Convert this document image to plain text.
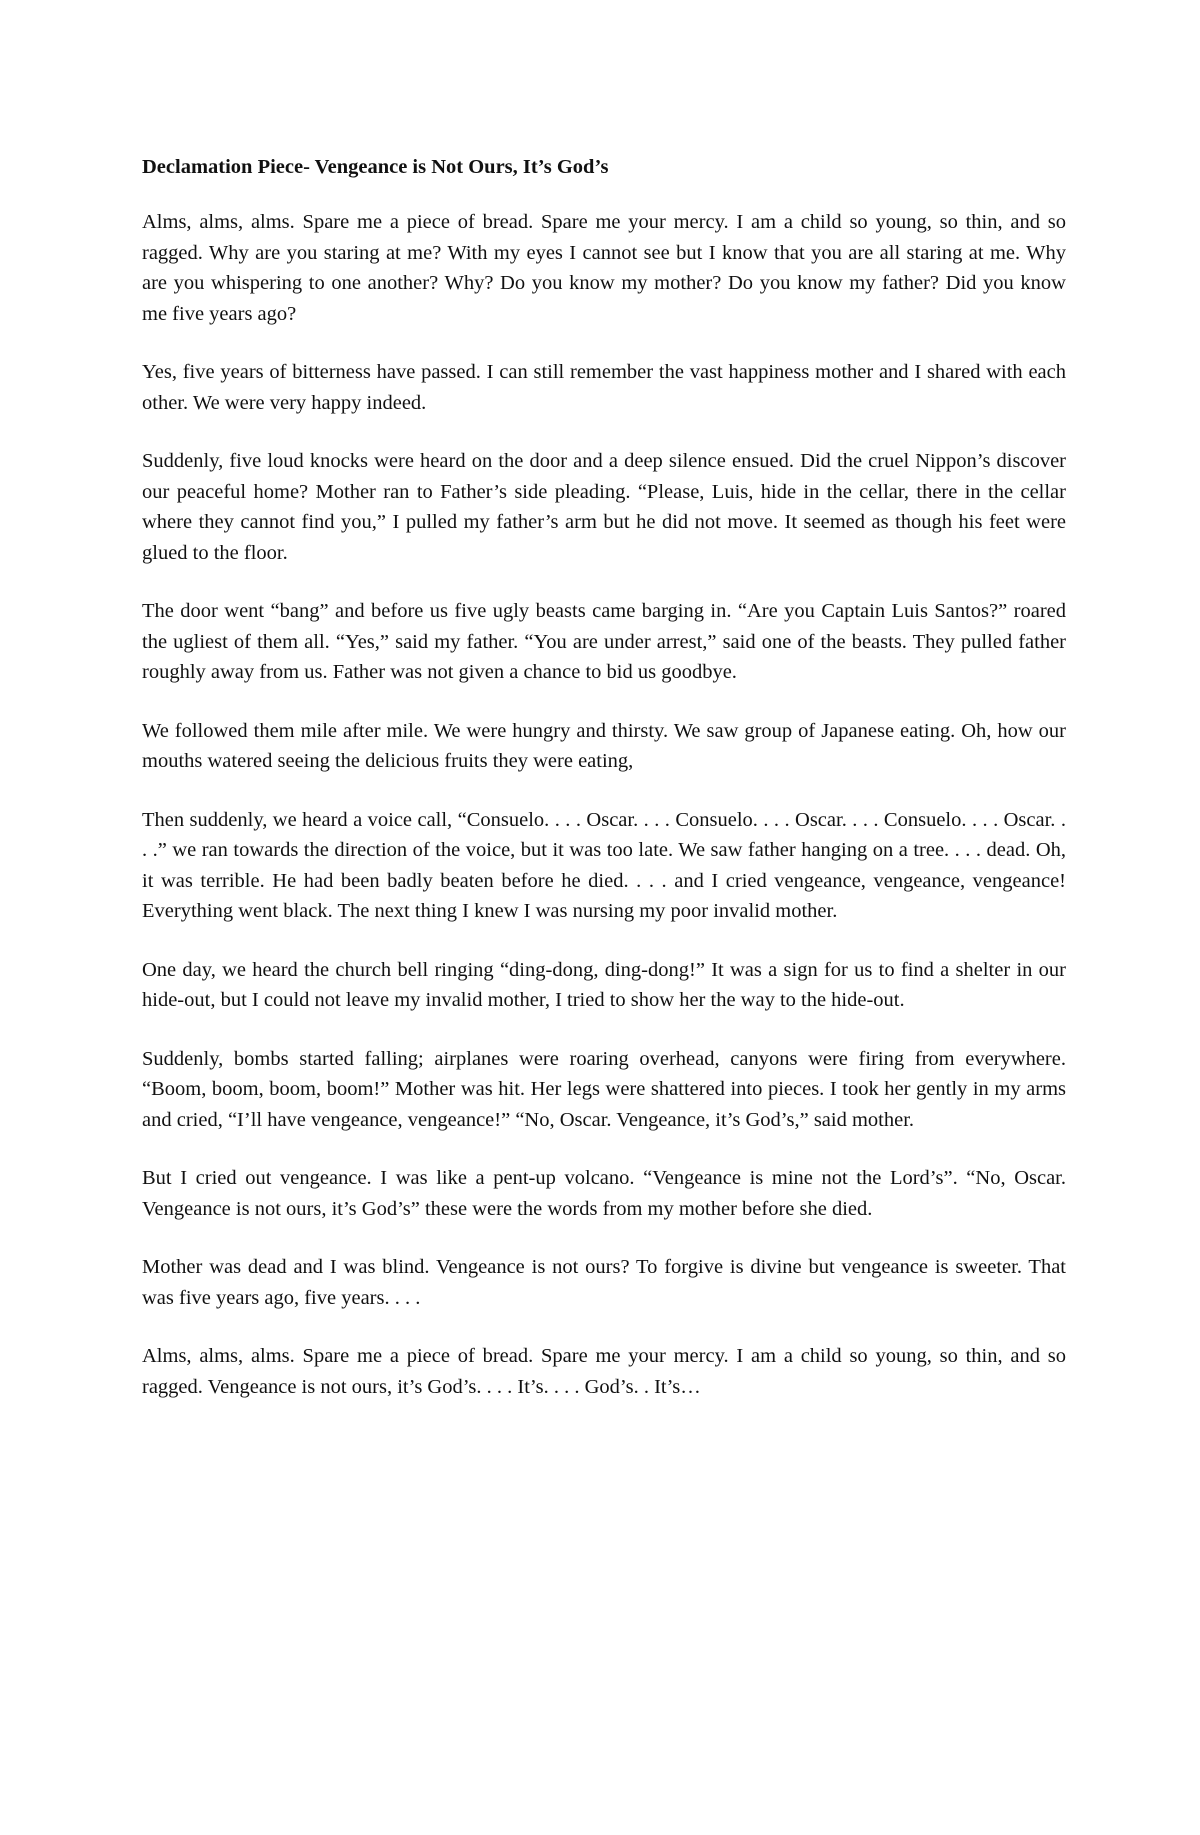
Declamation Piece- Vengeance is Not Ours, It’s God’s

Alms, alms, alms. Spare me a piece of bread. Spare me your mercy. I am a child so young, so thin, and so ragged. Why are you staring at me? With my eyes I cannot see but I know that you are all staring at me. Why are you whispering to one another? Why? Do you know my mother? Do you know my father? Did you know me five years ago?

Yes, five years of bitterness have passed. I can still remember the vast happiness mother and I shared with each other. We were very happy indeed.

Suddenly, five loud knocks were heard on the door and a deep silence ensued. Did the cruel Nippon’s discover our peaceful home? Mother ran to Father’s side pleading. “Please, Luis, hide in the cellar, there in the cellar where they cannot find you,” I pulled my father’s arm but he did not move. It seemed as though his feet were glued to the floor.

The door went “bang” and before us five ugly beasts came barging in. “Are you Captain Luis Santos?” roared the ugliest of them all. “Yes,” said my father. “You are under arrest,” said one of the beasts. They pulled father roughly away from us. Father was not given a chance to bid us goodbye.

We followed them mile after mile. We were hungry and thirsty. We saw group of Japanese eating. Oh, how our mouths watered seeing the delicious fruits they were eating,

Then suddenly, we heard a voice call, “Consuelo. . . . Oscar. . . . Consuelo. . . . Oscar. . . . Consuelo. . . . Oscar. . . .” we ran towards the direction of the voice, but it was too late. We saw father hanging on a tree. . . . dead. Oh, it was terrible. He had been badly beaten before he died. . . . and I cried vengeance, vengeance, vengeance! Everything went black. The next thing I knew I was nursing my poor invalid mother.

One day, we heard the church bell ringing “ding-dong, ding-dong!” It was a sign for us to find a shelter in our hide-out, but I could not leave my invalid mother, I tried to show her the way to the hide-out.

Suddenly, bombs started falling; airplanes were roaring overhead, canyons were firing from everywhere. “Boom, boom, boom, boom!” Mother was hit. Her legs were shattered into pieces. I took her gently in my arms and cried, “I’ll have vengeance, vengeance!” “No, Oscar. Vengeance, it’s God’s,” said mother.

But I cried out vengeance. I was like a pent-up volcano. “Vengeance is mine not the Lord’s”. “No, Oscar. Vengeance is not ours, it’s God’s” these were the words from my mother before she died.

Mother was dead and I was blind. Vengeance is not ours? To forgive is divine but vengeance is sweeter. That was five years ago, five years. . . .

Alms, alms, alms. Spare me a piece of bread. Spare me your mercy. I am a child so young, so thin, and so ragged. Vengeance is not ours, it’s God’s. . . . It’s. . . . God’s. . It’s…
